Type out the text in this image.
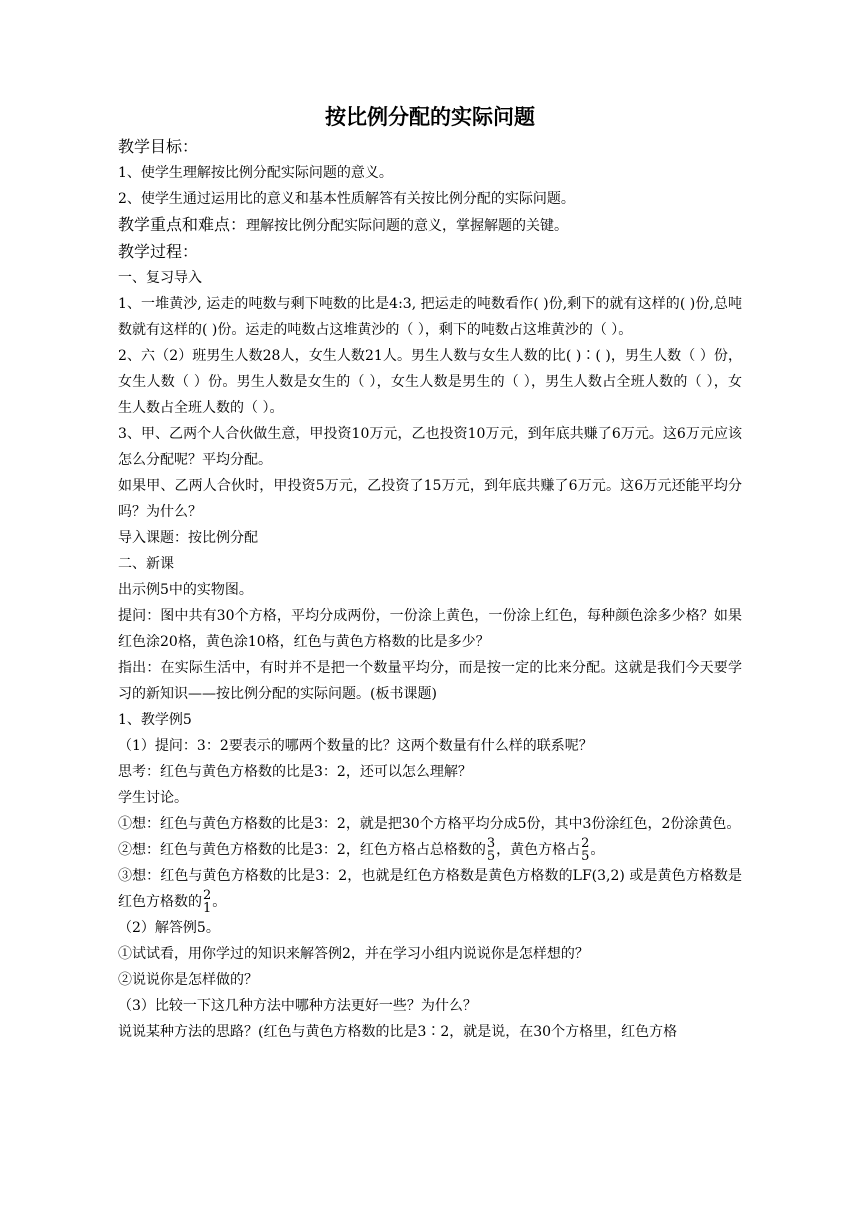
按比例分配的实际问题

教学目标：

1、使学生理解按比例分配实际问题的意义。

2、使学生通过运用比的意义和基本性质解答有关按比例分配的实际问题。

教学重点和难点：理解按比例分配实际问题的意义，掌握解题的关键。

教学过程：

一、复习导入

1、一堆黄沙, 运走的吨数与剩下吨数的比是4:3, 把运走的吨数看作( )份,剩下的就有这样的( )份,总吨数就有这样的( )份。运走的吨数占这堆黄沙的（ ），剩下的吨数占这堆黄沙的（ ）。

2、六（2）班男生人数28人，女生人数21人。男生人数与女生人数的比( )∶( )，男生人数（ ）份，女生人数（ ）份。男生人数是女生的（ ），女生人数是男生的（ ），男生人数占全班人数的（ ），女生人数占全班人数的（ ）。

3、甲、乙两个人合伙做生意，甲投资10万元，乙也投资10万元，到年底共赚了6万元。这6万元应该怎么分配呢？平均分配。

如果甲、乙两人合伙时，甲投资5万元，乙投资了15万元，到年底共赚了6万元。这6万元还能平均分吗？为什么？

导入课题：按比例分配

二、新课

出示例5中的实物图。

提问：图中共有30个方格，平均分成两份，一份涂上黄色，一份涂上红色，每种颜色涂多少格？如果红色涂20格，黄色涂10格，红色与黄色方格数的比是多少？

指出：在实际生活中，有时并不是把一个数量平均分，而是按一定的比来分配。这就是我们今天要学习的新知识——按比例分配的实际问题。(板书课题)

1、教学例5

（1）提问：3：2要表示的哪两个数量的比？这两个数量有什么样的联系呢？

思考：红色与黄色方格数的比是3：2，还可以怎么理解？

学生讨论。

①想：红色与黄色方格数的比是3：2，就是把30个方格平均分成5份，其中3份涂红色，2份涂黄色。

②想：红色与黄色方格数的比是3：2，红色方格占总格数的 3
5 ，黄色方格占 2
5 。

③想：红色与黄色方格数的比是3：2，也就是红色方格数是黄色方格数的LF(3,2) 或是黄色方格数是红色方格数的 2
1 。

（2）解答例5。

①试试看，用你学过的知识来解答例2，并在学习小组内说说你是怎样想的？

②说说你是怎样做的？

（3）比较一下这几种方法中哪种方法更好一些？为什么？

说说某种方法的思路？(红色与黄色方格数的比是3∶2，就是说，在30个方格里，红色方格
